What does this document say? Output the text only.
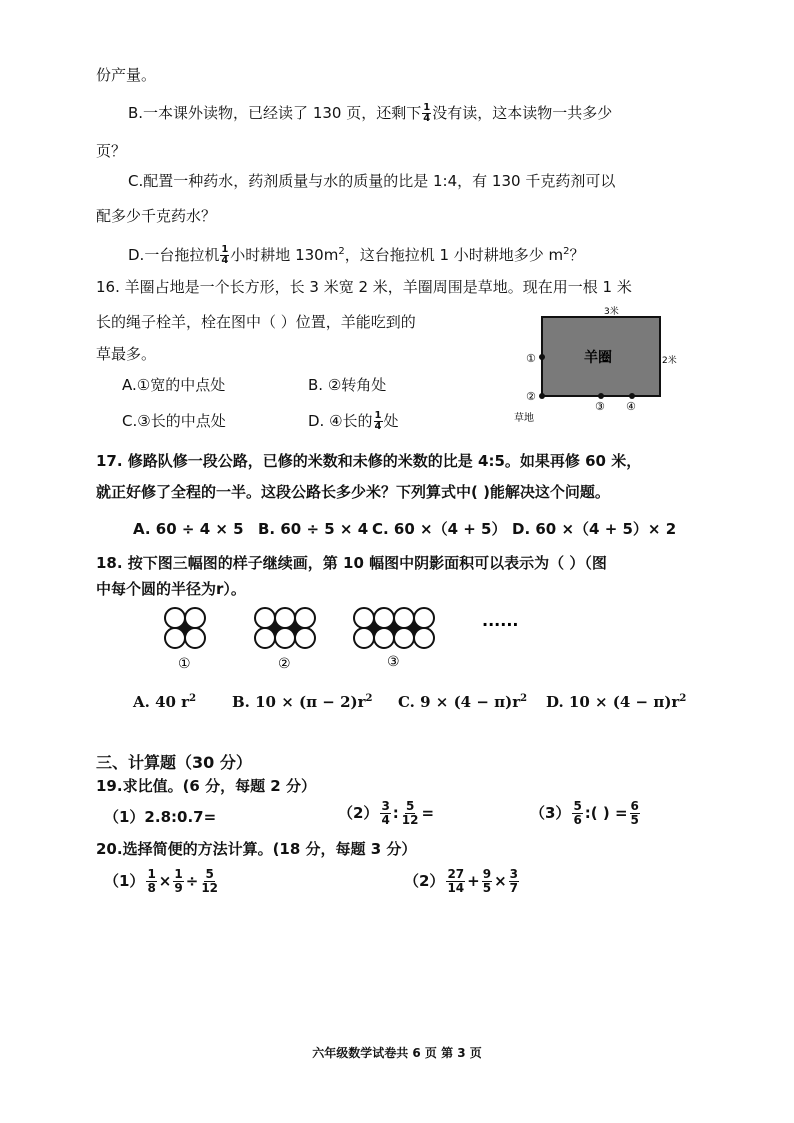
份产量。
B.一本课外读物，已经读了 130 页，还剩下 $\frac{1}{4}$ 没有读，这本读物一共多少
页？
C.配置一种药水，药剂质量与水的质量的比是 1:4，有 130 千克药剂可以
配多少千克药水？
D.一台拖拉机 $\frac{1}{4}$ 小时耕地 $130m^2$，这台拖拉机 1 小时耕地多少 $m^2$？
16. 羊圈占地是一个长方形，长 3 米宽 2 米，羊圈周围是草地。现在用一根 1 米
长的绳子栓羊，栓在图中（ ）位置，羊能吃到的
草最多。
A.①宽的中点处	B. ②转角处
C.③长的中点处	D. ④长的 $\frac{1}{4}$ 处
3米
2米
羊圈
草地
①
②
③ ④
17. 修路队修一段公路，已修的米数和未修的米数的比是 4:5。如果再修 60 米，
就正好修了全程的一半。这段公路长多少米？下列算式中( )能解决这个问题。
A. 60 ÷ 4 × 5 B. 60 ÷ 5 × 4 C. 60 ×（4 + 5） D. 60 ×（4 + 5）× 2
18. 按下图三幅图的样子继续画，第 10 幅图中阴影面积可以表示为（ ）（图
中每个圆的半径为r）。
①	②	③
······
A. 40 $r^2$ B. $10 \times (\pi - 2)r^2$ C. $9 \times (4 - \pi)r^2$ D. $10 \times (4 - \pi)r^2$
三、计算题（30 分）
19.求比值。(6 分，每题 2 分）
（1）2.8:0.7=	$(2) \frac{3}{4}$ : $\frac{5}{12}$ =	$(3) \frac{5}{6}$ :( ) = $\frac{6}{5}$
20.选择简便的方法计算。(18 分，每题 3 分）
$(1) \frac{1}{8} \times \frac{1}{9} \div \frac{5}{12}$	$(2) \frac{27}{14} + \frac{9}{5} \times \frac{3}{7}$
六年级数学试卷共 6 页 第 3 页
